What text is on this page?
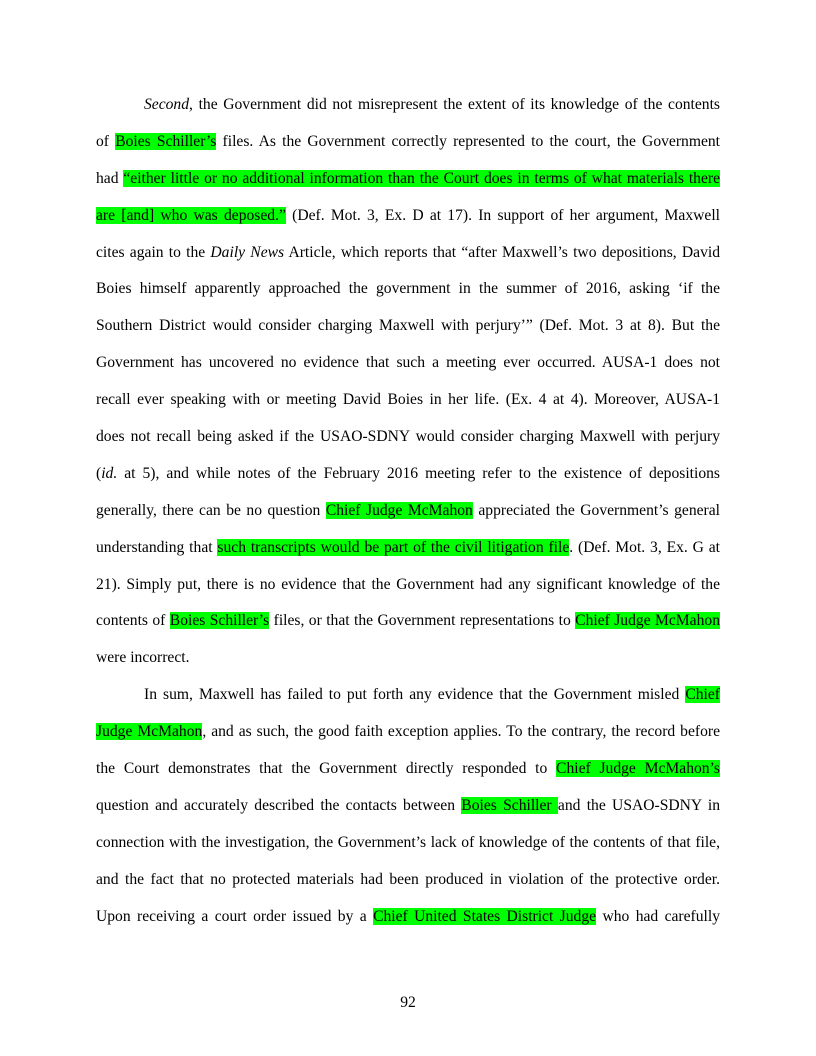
Second, the Government did not misrepresent the extent of its knowledge of the contents
of Boies Schiller’s files. As the Government correctly represented to the court, the Government
had “either little or no additional information than the Court does in terms of what materials there
are [and] who was deposed.” (Def. Mot. 3, Ex. D at 17). In support of her argument, Maxwell
cites again to the Daily News Article, which reports that “after Maxwell’s two depositions, David
Boies himself apparently approached the government in the summer of 2016, asking ‘if the
Southern District would consider charging Maxwell with perjury’” (Def. Mot. 3 at 8). But the
Government has uncovered no evidence that such a meeting ever occurred. AUSA-1 does not
recall ever speaking with or meeting David Boies in her life. (Ex. 4 at 4). Moreover, AUSA-1
does not recall being asked if the USAO-SDNY would consider charging Maxwell with perjury
(id. at 5), and while notes of the February 2016 meeting refer to the existence of depositions
generally, there can be no question Chief Judge McMahon appreciated the Government’s general
understanding that such transcripts would be part of the civil litigation file. (Def. Mot. 3, Ex. G at
21). Simply put, there is no evidence that the Government had any significant knowledge of the
contents of Boies Schiller’s files, or that the Government representations to Chief Judge McMahon
were incorrect.
In sum, Maxwell has failed to put forth any evidence that the Government misled Chief
Judge McMahon, and as such, the good faith exception applies. To the contrary, the record before
the Court demonstrates that the Government directly responded to Chief Judge McMahon’s
question and accurately described the contacts between Boies Schiller and the USAO-SDNY in
connection with the investigation, the Government’s lack of knowledge of the contents of that file,
and the fact that no protected materials had been produced in violation of the protective order.
Upon receiving a court order issued by a Chief United States District Judge who had carefully
92
